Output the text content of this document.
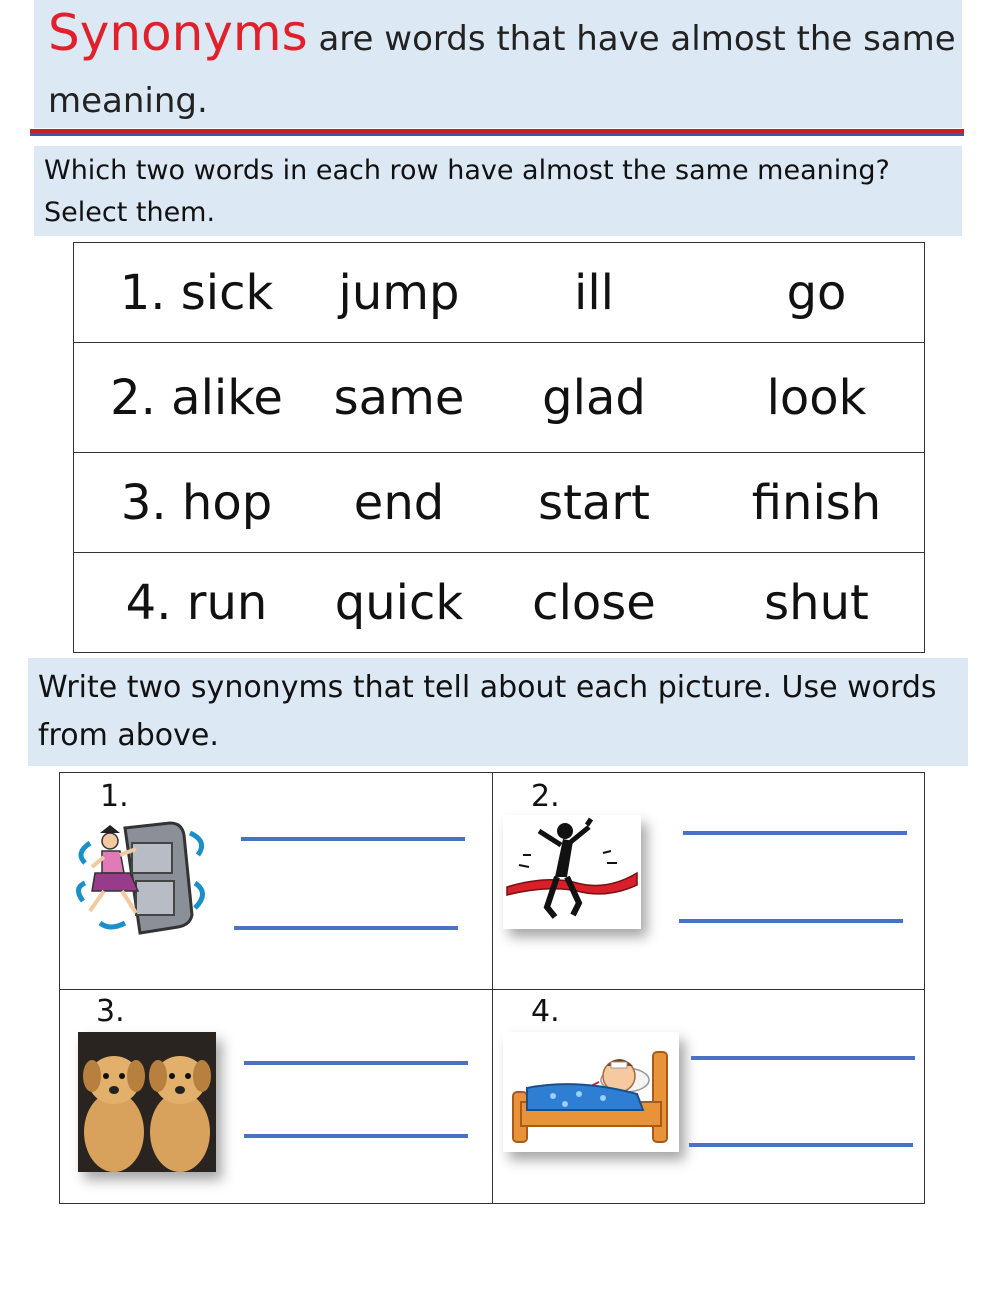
Synonyms are words that have almost the same meaning.
Which two words in each row have almost the same meaning?
Select them.
1. sick	jump	ill	go

2. alike	same	glad	look

3. hop	end	start	finish

4. run	quick	close	shut
Write two synonyms that tell about each picture. Use words
from above.
1.	2.
3.	4.
